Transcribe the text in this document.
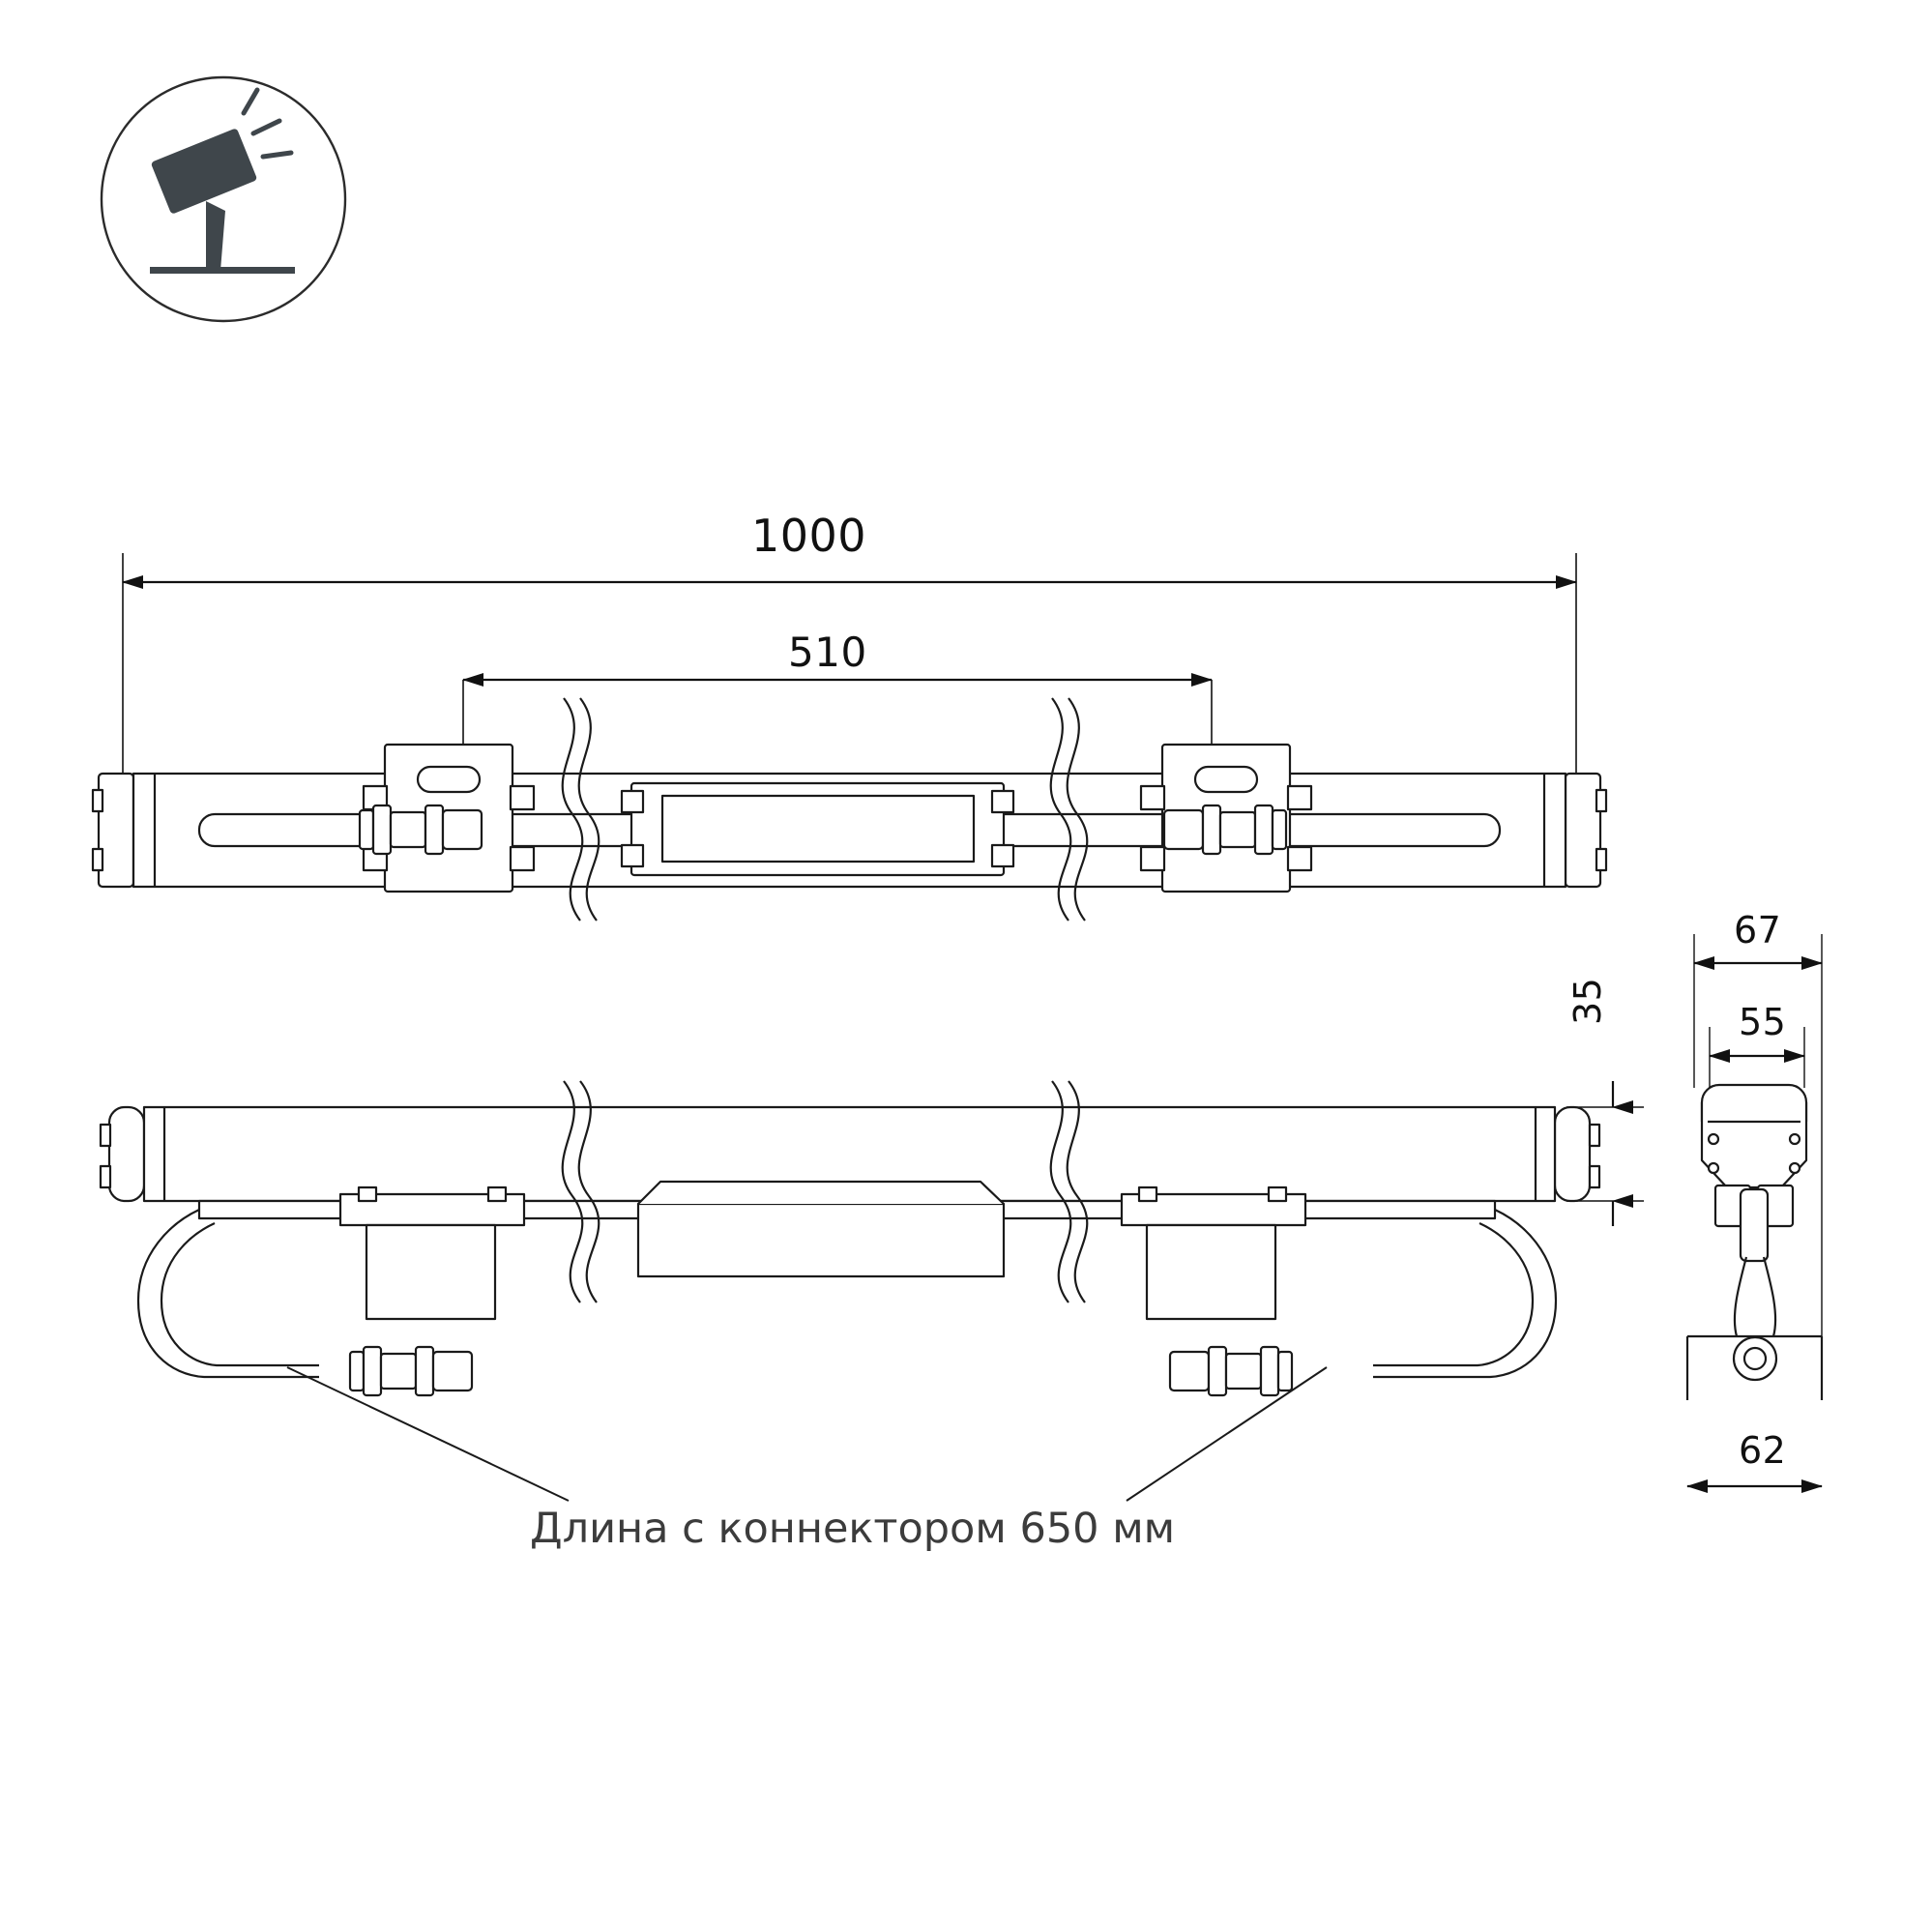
1000
510
35
67
55
62
Длина с коннектором 650 мм
